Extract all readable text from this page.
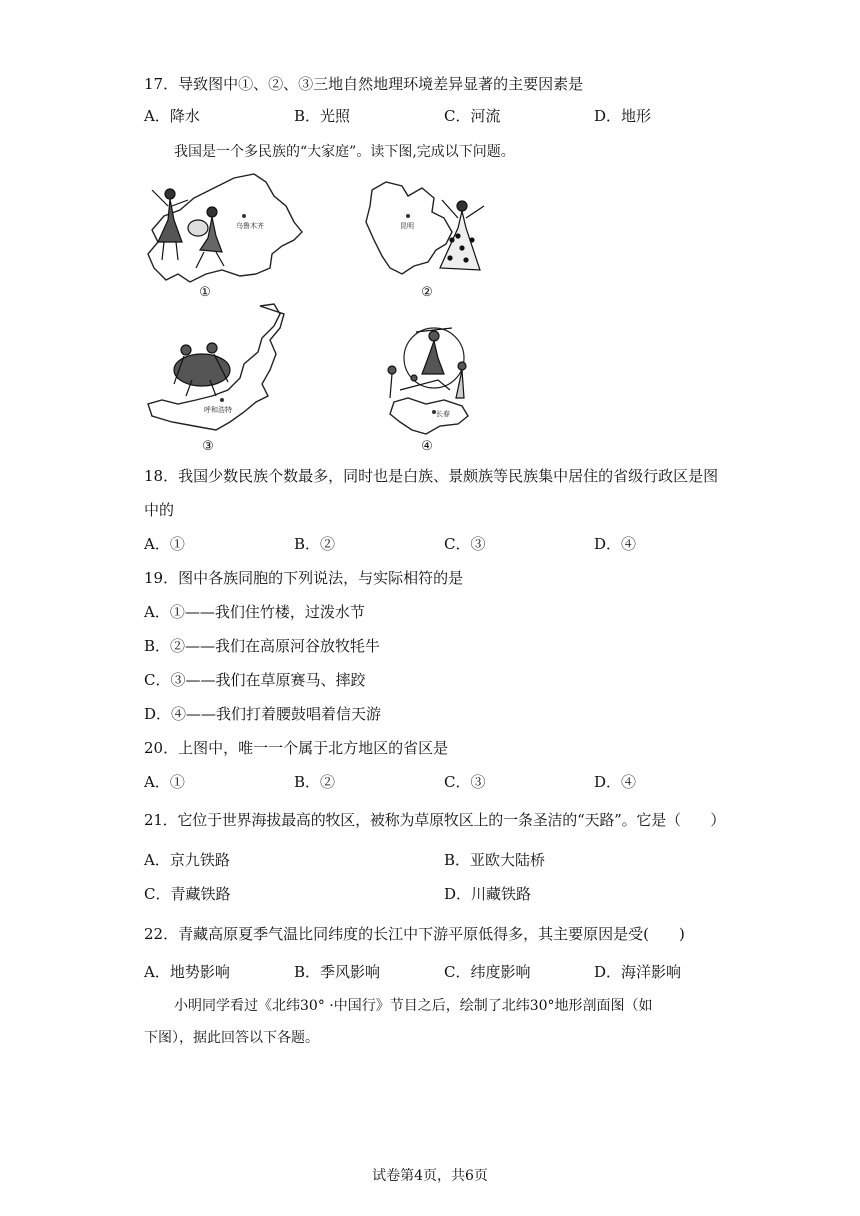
17．导致图中①、②、③三地自然地理环境差异显著的主要因素是
A．降水	B．光照	C．河流	D．地形
我国是一个多民族的“大家庭”。读下图,完成以下问题。
乌鲁木齐
①
昆明
②
呼和浩特
③
长春
④
18．我国少数民族个数最多，同时也是白族、景颇族等民族集中居住的省级行政区是图
中的
A．①	B．②	C．③	D．④
19．图中各族同胞的下列说法，与实际相符的是
A．①——我们住竹楼，过泼水节
B．②——我们在高原河谷放牧牦牛
C．③——我们在草原赛马、摔跤
D．④——我们打着腰鼓唱着信天游
20．上图中，唯一一个属于北方地区的省区是
A．①	B．②	C．③	D．④
21．它位于世界海拔最高的牧区，被称为草原牧区上的一条圣洁的“天路”。它是（　　）
A．京九铁路	B．亚欧大陆桥
C．青藏铁路	D．川藏铁路
22．青藏高原夏季气温比同纬度的长江中下游平原低得多，其主要原因是受(　　)
A．地势影响	B．季风影响	C．纬度影响	D．海洋影响
小明同学看过《北纬30° ·中国行》节目之后，绘制了北纬30°地形剖面图（如
下图），据此回答以下各题。
试卷第4页，共6页
